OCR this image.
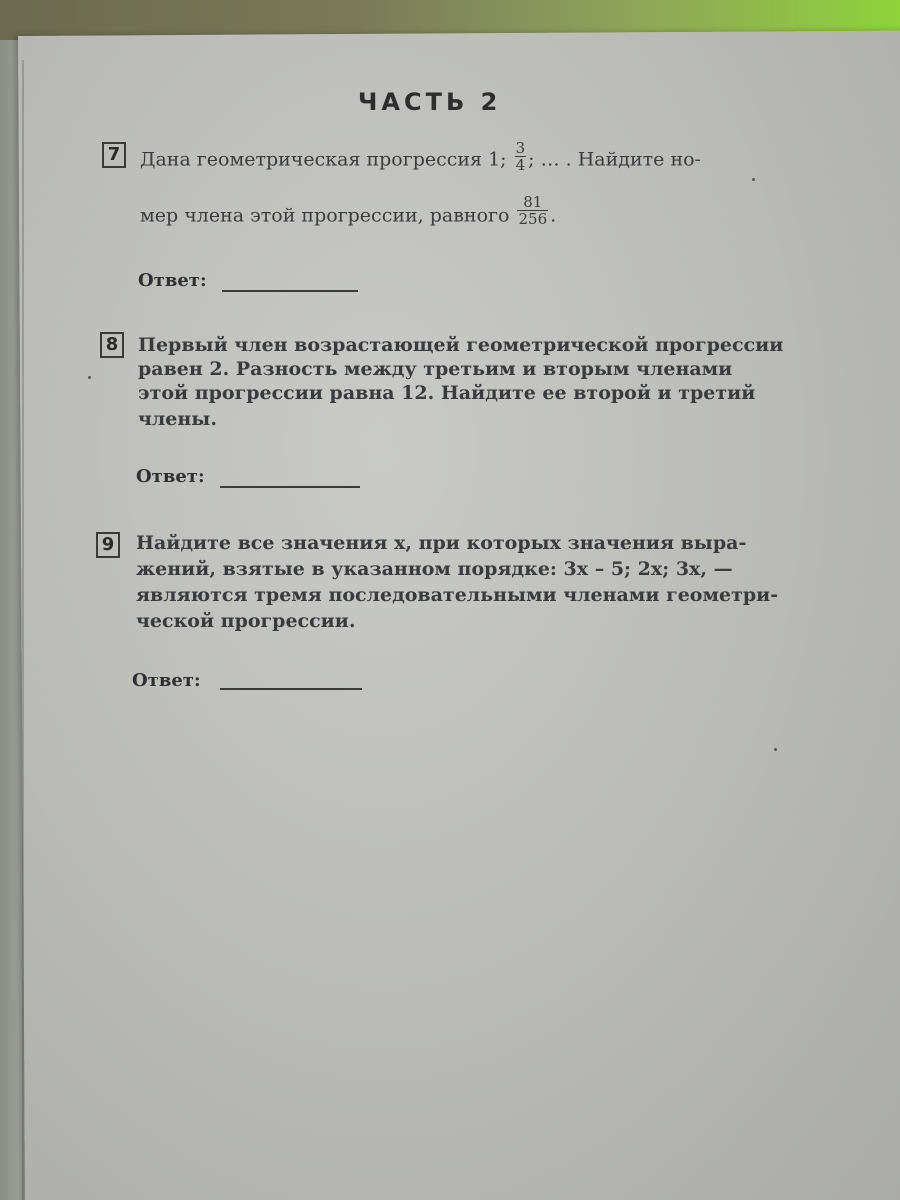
ЧАСТЬ 2
7	Дана геометрическая прогрессия 1; $\frac{3}{4}$ ; … . Найдите но-
мер члена этой прогрессии, равного $\frac{81}{256}$ .
Ответ:
8	Первый член возрастающей геометрической прогрессии
равен 2. Разность между третьим и вторым членами
этой прогрессии равна 12. Найдите ее второй и третий
члены.
Ответ:
9	Найдите все значения x, при которых значения выра-
жений, взятые в указанном порядке: 3x – 5; 2x; 3x, —
являются тремя последовательными членами геометри-
ческой прогрессии.
Ответ:
